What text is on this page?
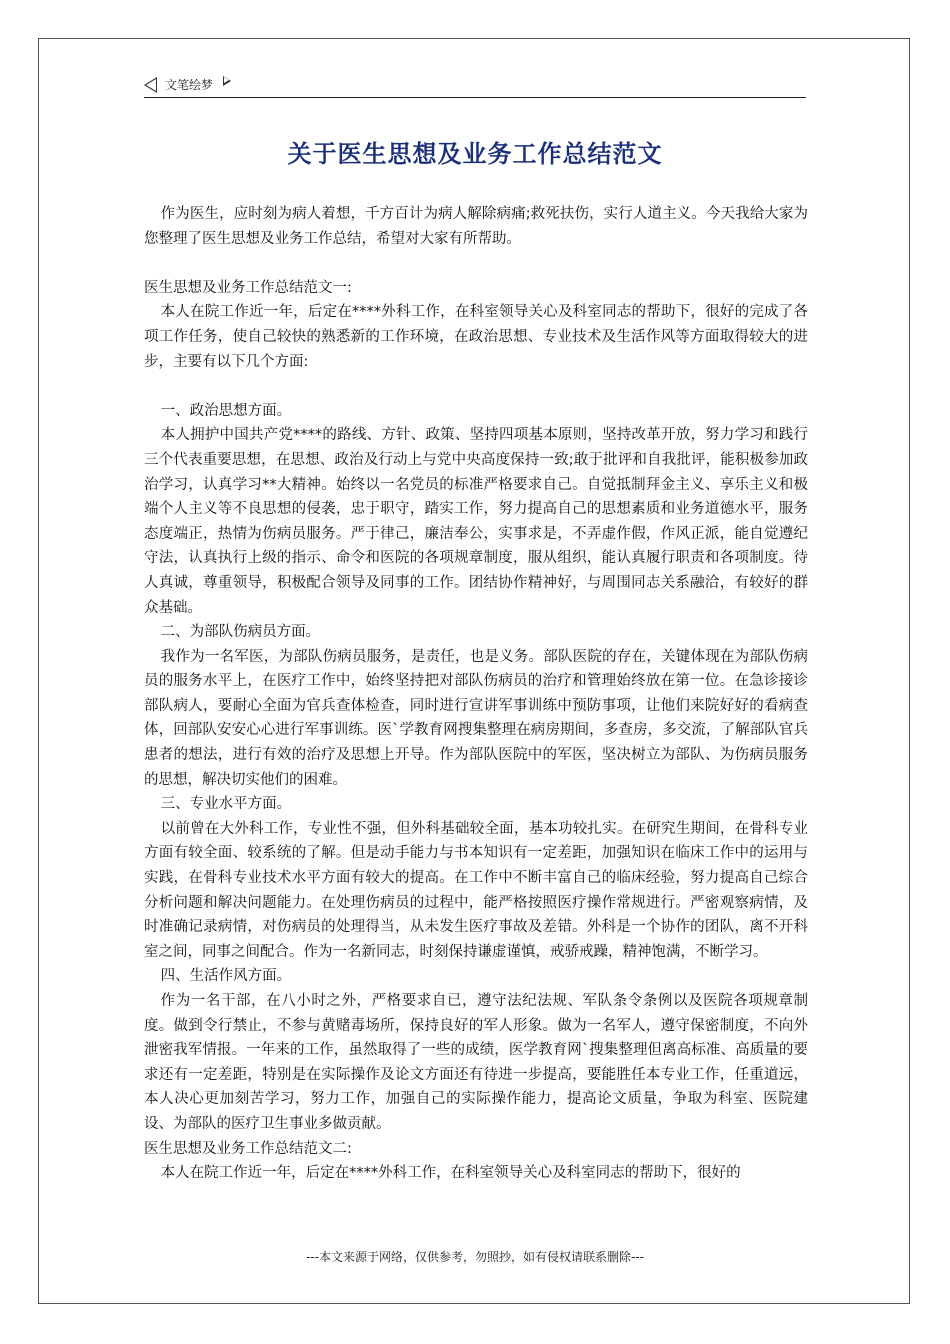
文笔绘梦
关于医生思想及业务工作总结范文

作为医生，应时刻为病人着想，千方百计为病人解除病痛;救死扶伤，实行人道主义。今天我给大家为您整理了医生思想及业务工作总结，希望对大家有所帮助。

医生思想及业务工作总结范文一:

本人在院工作近一年，后定在****外科工作，在科室领导关心及科室同志的帮助下，很好的完成了各项工作任务，使自己较快的熟悉新的工作环境，在政治思想、专业技术及生活作风等方面取得较大的进步，主要有以下几个方面:

一、政治思想方面。

本人拥护中国共产党****的路线、方针、政策、坚持四项基本原则，坚持改革开放，努力学习和践行三个代表重要思想，在思想、政治及行动上与党中央高度保持一致;敢于批评和自我批评，能积极参加政治学习，认真学习**大精神。始终以一名党员的标准严格要求自己。自觉抵制拜金主义、享乐主义和极端个人主义等不良思想的侵袭，忠于职守，踏实工作，努力提高自己的思想素质和业务道德水平，服务态度端正，热情为伤病员服务。严于律己，廉洁奉公，实事求是，不弄虚作假，作风正派，能自觉遵纪守法，认真执行上级的指示、命令和医院的各项规章制度，服从组织，能认真履行职责和各项制度。待人真诚，尊重领导，积极配合领导及同事的工作。团结协作精神好，与周围同志关系融洽，有较好的群众基础。

二、为部队伤病员方面。

我作为一名军医，为部队伤病员服务，是责任，也是义务。部队医院的存在，关键体现在为部队伤病员的服务水平上，在医疗工作中，始终坚持把对部队伤病员的治疗和管理始终放在第一位。在急诊接诊部队病人，要耐心全面为官兵查体检查，同时进行宣讲军事训练中预防事项，让他们来院好好的看病查体，回部队安安心心进行军事训练。医`学教育网搜集整理在病房期间，多查房，多交流，了解部队官兵患者的想法，进行有效的治疗及思想上开导。作为部队医院中的军医，坚决树立为部队、为伤病员服务的思想，解决切实他们的困难。

三、专业水平方面。

以前曾在大外科工作，专业性不强，但外科基础较全面，基本功较扎实。在研究生期间，在骨科专业方面有较全面、较系统的了解。但是动手能力与书本知识有一定差距，加强知识在临床工作中的运用与实践，在骨科专业技术水平方面有较大的提高。在工作中不断丰富自己的临床经验，努力提高自己综合分析问题和解决问题能力。在处理伤病员的过程中，能严格按照医疗操作常规进行。严密观察病情，及时准确记录病情，对伤病员的处理得当，从未发生医疗事故及差错。外科是一个协作的团队，离不开科室之间，同事之间配合。作为一名新同志，时刻保持谦虚谨慎，戒骄戒躁，精神饱满，不断学习。

四、生活作风方面。

作为一名干部，在八小时之外，严格要求自已，遵守法纪法规、军队条令条例以及医院各项规章制度。做到令行禁止，不参与黄赌毒场所，保持良好的军人形象。做为一名军人，遵守保密制度，不向外泄密我军情报。一年来的工作，虽然取得了一些的成绩，医学教育网`搜集整理但离高标准、高质量的要求还有一定差距，特别是在实际操作及论文方面还有待进一步提高，要能胜任本专业工作，任重道远，本人决心更加刻苦学习，努力工作，加强自己的实际操作能力，提高论文质量，争取为科室、医院建设、为部队的医疗卫生事业多做贡献。

医生思想及业务工作总结范文二:

本人在院工作近一年，后定在****外科工作，在科室领导关心及科室同志的帮助下，很好的

---本文来源于网络，仅供参考，勿照抄，如有侵权请联系删除---
